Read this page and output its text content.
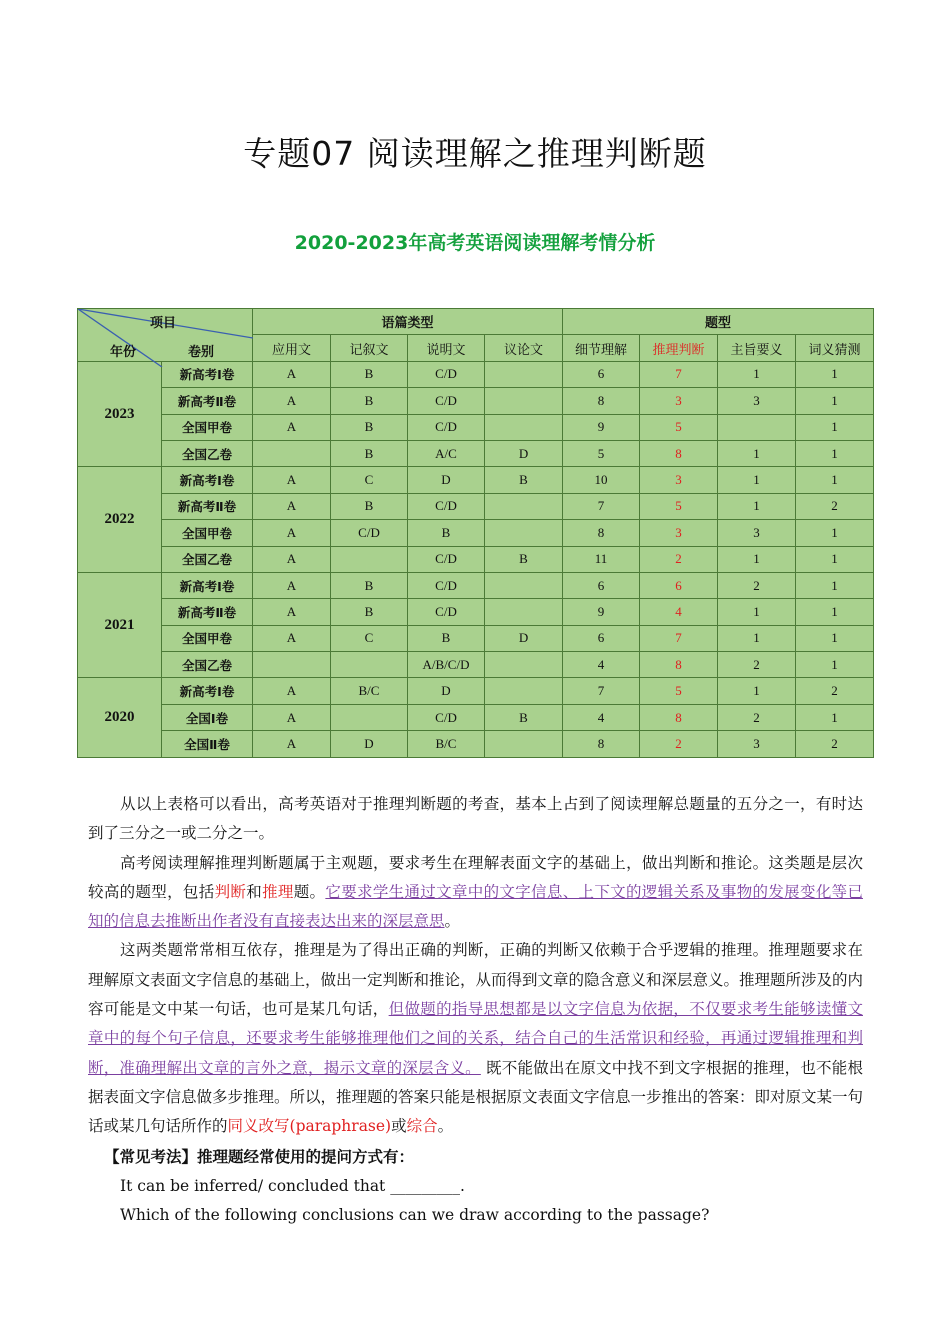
专题07 阅读理解之推理判断题
2020-2023年高考英语阅读理解考情分析
项目
卷别
年份		语篇类型				题型			
		应用文	记叙文	说明文	议论文	细节理解	推理判断	主旨要义	词义猜测
2023	新高考Ⅰ卷	A	B	C/D		6	7	1	1
	新高考Ⅱ卷	A	B	C/D		8	3	3	1
	全国甲卷	A	B	C/D		9	5		1
	全国乙卷		B	A/C	D	5	8	1	1
2022	新高考Ⅰ卷	A	C	D	B	10	3	1	1
	新高考Ⅱ卷	A	B	C/D		7	5	1	2
	全国甲卷	A	C/D	B		8	3	3	1
	全国乙卷	A		C/D	B	11	2	1	1
2021	新高考Ⅰ卷	A	B	C/D		6	6	2	1
	新高考Ⅱ卷	A	B	C/D		9	4	1	1
	全国甲卷	A	C	B	D	6	7	1	1
	全国乙卷			A/B/C/D		4	8	2	1
2020	新高考Ⅰ卷	A	B/C	D		7	5	1	2
	全国Ⅰ卷	A		C/D	B	4	8	2	1
	全国Ⅱ卷	A	D	B/C		8	2	3	2

从以上表格可以看出，高考英语对于推理判断题的考查，基本上占到了阅读理解总题量的五分之一，有时达到了三分之一或二分之一。

高考阅读理解推理判断题属于主观题，要求考生在理解表面文字的基础上，做出判断和推论。这类题是层次较高的题型，包括判断和推理题。它要求学生通过文章中的文字信息、上下文的逻辑关系及事物的发展变化等已知的信息去推断出作者没有直接表达出来的深层意思。

这两类题常常相互依存，推理是为了得出正确的判断，正确的判断又依赖于合乎逻辑的推理。推理题要求在理解原文表面文字信息的基础上，做出一定判断和推论，从而得到文章的隐含意义和深层意义。推理题所涉及的内容可能是文中某一句话，也可是某几句话，但做题的指导思想都是以文字信息为依据，不仅要求考生能够读懂文章中的每个句子信息，还要求考生能够推理他们之间的关系，结合自己的生活常识和经验，再通过逻辑推理和判断，准确理解出文章的言外之意，揭示文章的深层含义。 既不能做出在原文中找不到文字根据的推理，也不能根据表面文字信息做多步推理。所以，推理题的答案只能是根据原文表面文字信息一步推出的答案：即对原文某一句话或某几句话所作的同义改写(paraphrase)或综合。

【常见考法】推理题经常使用的提问方式有：

It can be inferred/ concluded that _________.

Which of the following conclusions can we draw according to the passage?
